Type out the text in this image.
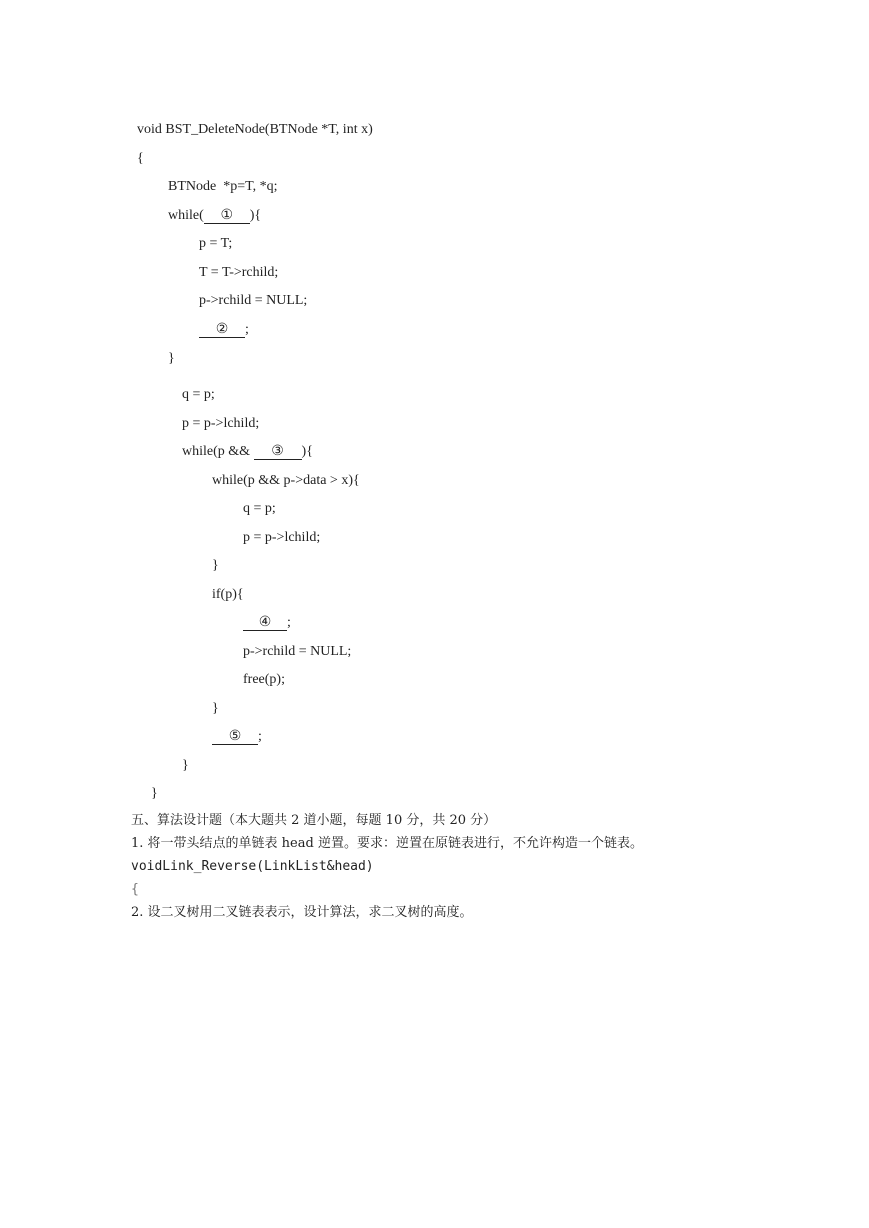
void BST_DeleteNode(BTNode *T, int x)
{
BTNode  *p=T, *q;
while( ① ){
p = T;
T = T->rchild;
p->rchild = NULL;
② ;
}
q = p;
p = p->lchild;
while(p && ③ ){
while(p && p->data > x){
q = p;
p = p->lchild;
}
if(p){
④ ;
p->rchild = NULL;
free(p);
}
⑤ ;
}
}
五、算法设计题（本大题共 2 道小题，每题 10 分，共 20 分）
1. 将一带头结点的单链表 head 逆置。要求：逆置在原链表进行，不允许构造一个链表。
voidLink_Reverse(LinkList&head)
{
2. 设二叉树用二叉链表表示，设计算法，求二叉树的高度。
